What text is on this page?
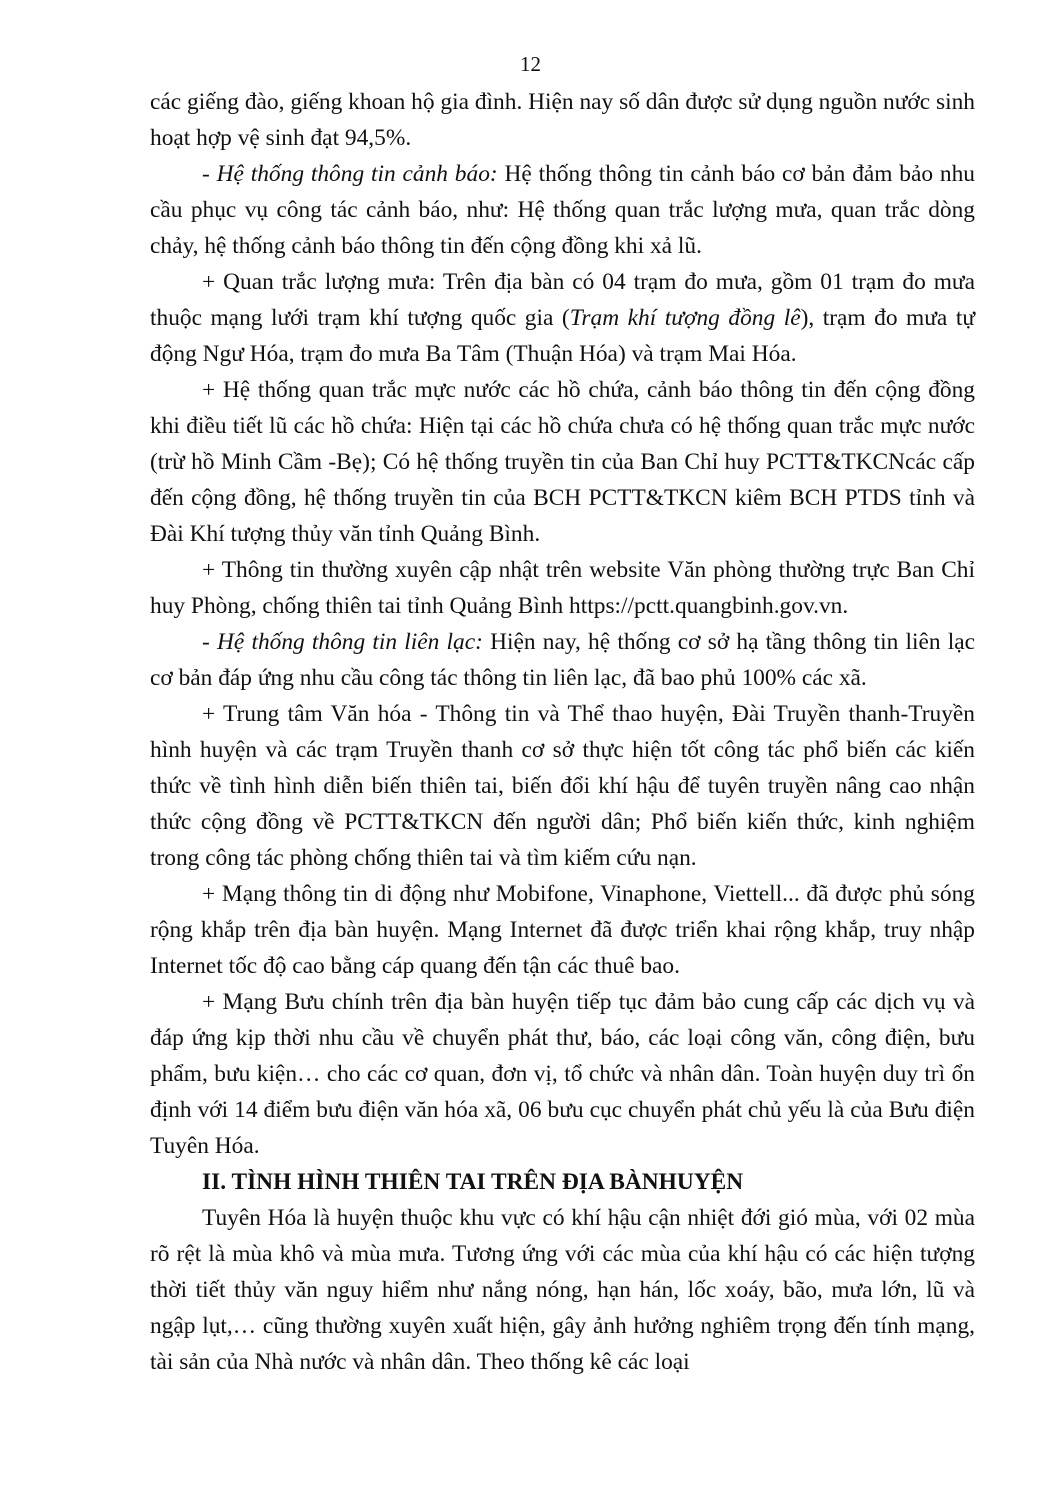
12

các giếng đào, giếng khoan hộ gia đình. Hiện nay số dân được sử dụng nguồn nước sinh hoạt hợp vệ sinh đạt 94,5%.

- Hệ thống thông tin cảnh báo: Hệ thống thông tin cảnh báo cơ bản đảm bảo nhu cầu phục vụ công tác cảnh báo, như: Hệ thống quan trắc lượng mưa, quan trắc dòng chảy, hệ thống cảnh báo thông tin đến cộng đồng khi xả lũ.

+ Quan trắc lượng mưa: Trên địa bàn có 04 trạm đo mưa, gồm 01 trạm đo mưa thuộc mạng lưới trạm khí tượng quốc gia (Trạm khí tượng đồng lê), trạm đo mưa tự động Ngư Hóa, trạm đo mưa Ba Tâm (Thuận Hóa) và trạm Mai Hóa.

+ Hệ thống quan trắc mực nước các hồ chứa, cảnh báo thông tin đến cộng đồng khi điều tiết lũ các hồ chứa: Hiện tại các hồ chứa chưa có hệ thống quan trắc mực nước (trừ hồ Minh Cầm -Bẹ); Có hệ thống truyền tin của Ban Chỉ huy PCTT&TKCNcác cấp đến cộng đồng, hệ thống truyền tin của BCH PCTT&TKCN kiêm BCH PTDS tỉnh và Đài Khí tượng thủy văn tỉnh Quảng Bình.

+ Thông tin thường xuyên cập nhật trên website Văn phòng thường trực Ban Chỉ huy Phòng, chống thiên tai tỉnh Quảng Bình https://pctt.quangbinh.gov.vn.

- Hệ thống thông tin liên lạc: Hiện nay, hệ thống cơ sở hạ tầng thông tin liên lạc cơ bản đáp ứng nhu cầu công tác thông tin liên lạc, đã bao phủ 100% các xã.

+ Trung tâm Văn hóa - Thông tin và Thể thao huyện, Đài Truyền thanh-Truyền hình huyện và các trạm Truyền thanh cơ sở thực hiện tốt công tác phổ biến các kiến thức về tình hình diễn biến thiên tai, biến đổi khí hậu để tuyên truyền nâng cao nhận thức cộng đồng về PCTT&TKCN đến người dân; Phổ biến kiến thức, kinh nghiệm trong công tác phòng chống thiên tai và tìm kiếm cứu nạn.

+ Mạng thông tin di động như Mobifone, Vinaphone, Viettell... đã được phủ sóng rộng khắp trên địa bàn huyện. Mạng Internet đã được triển khai rộng khắp, truy nhập Internet tốc độ cao bằng cáp quang đến tận các thuê bao.

+ Mạng Bưu chính trên địa bàn huyện tiếp tục đảm bảo cung cấp các dịch vụ và đáp ứng kịp thời nhu cầu về chuyển phát thư, báo, các loại công văn, công điện, bưu phẩm, bưu kiện… cho các cơ quan, đơn vị, tổ chức và nhân dân. Toàn huyện duy trì ổn định với 14 điểm bưu điện văn hóa xã, 06 bưu cục chuyển phát chủ yếu là của Bưu điện Tuyên Hóa.

II. TÌNH HÌNH THIÊN TAI TRÊN ĐỊA BÀNHUYỆN

Tuyên Hóa là huyện thuộc khu vực có khí hậu cận nhiệt đới gió mùa, với 02 mùa rõ rệt là mùa khô và mùa mưa. Tương ứng với các mùa của khí hậu có các hiện tượng thời tiết thủy văn nguy hiểm như nắng nóng, hạn hán, lốc xoáy, bão, mưa lớn, lũ và ngập lụt,… cũng thường xuyên xuất hiện, gây ảnh hưởng nghiêm trọng đến tính mạng, tài sản của Nhà nước và nhân dân. Theo thống kê các loại
